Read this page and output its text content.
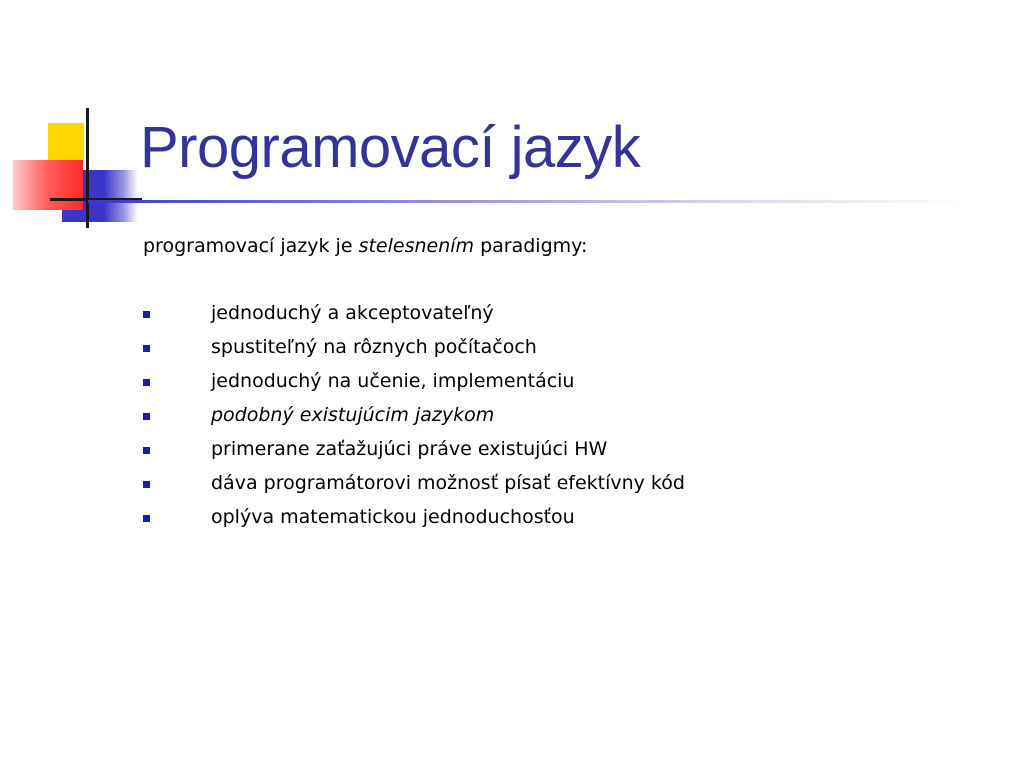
Programovací jazyk

programovací jazyk je stelesnením paradigmy:

jednoduchý a akceptovateľný
spustiteľný na rôznych počítačoch
jednoduchý na učenie, implementáciu
podobný existujúcim jazykom
primerane zaťažujúci práve existujúci HW
dáva programátorovi možnosť písať efektívny kód
oplýva matematickou jednoduchosťou
